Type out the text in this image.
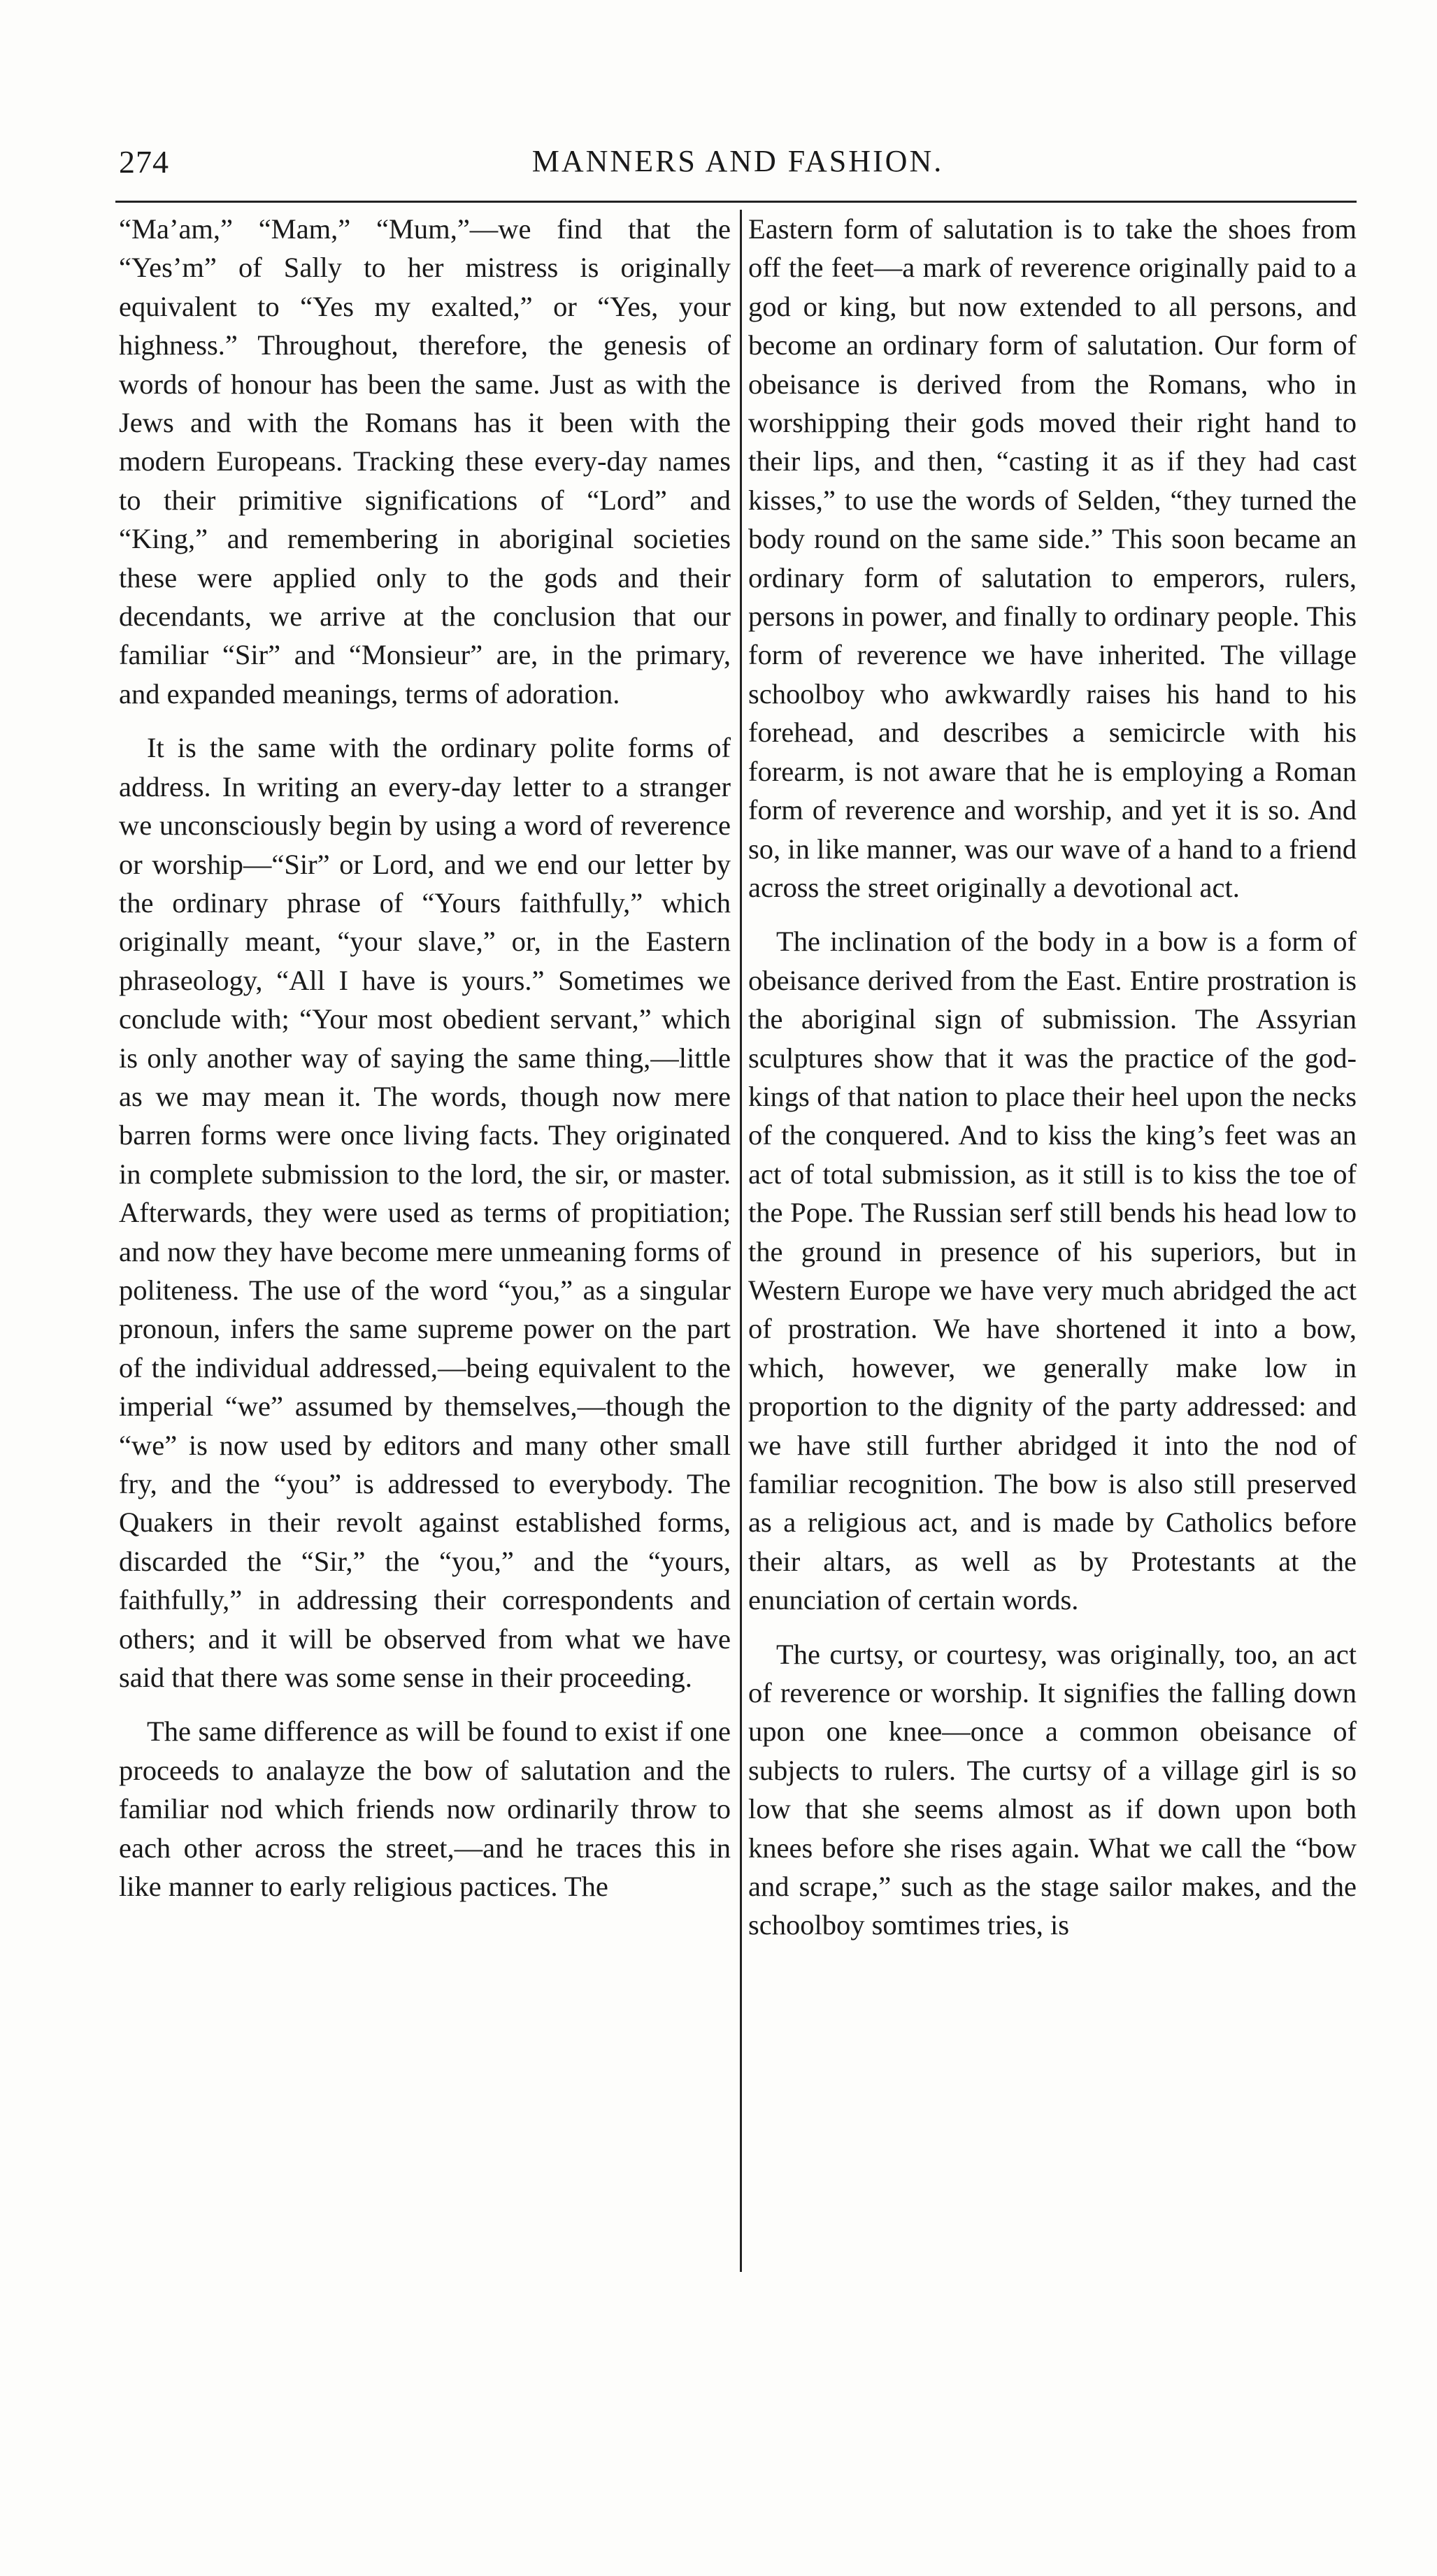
274	MANNERS AND FASHION.

“Ma’am,” “Mam,” “Mum,”—we find that the “Yes’m” of Sally to her mistress is originally equivalent to “Yes my exalted,” or “Yes, your highness.” Throughout, therefore, the genesis of words of honour has been the same. Just as with the Jews and with the Romans has it been with the modern Europeans. Tracking these every-day names to their primitive significations of “Lord” and “King,” and remembering in aboriginal societies these were applied only to the gods and their decendants, we arrive at the conclusion that our familiar “Sir” and “Monsieur” are, in the primary, and expanded meanings, terms of adoration.

It is the same with the ordinary polite forms of address. In writing an every-day letter to a stranger we unconsciously begin by using a word of reverence or worship—“Sir” or Lord, and we end our letter by the ordinary phrase of “Yours faithfully,” which originally meant, “your slave,” or, in the Eastern phraseology, “All I have is yours.” Sometimes we conclude with; “Your most obedient servant,” which is only another way of saying the same thing,—little as we may mean it. The words, though now mere barren forms were once living facts. They originated in complete submission to the lord, the sir, or master. Afterwards, they were used as terms of propitiation; and now they have become mere unmeaning forms of politeness. The use of the word “you,” as a singular pronoun, infers the same supreme power on the part of the individual addressed,—being equivalent to the imperial “we” assumed by themselves,—though the “we” is now used by editors and many other small fry, and the “you” is addressed to everybody. The Quakers in their revolt against established forms, discarded the “Sir,” the “you,” and the “yours, faithfully,” in addressing their correspondents and others; and it will be observed from what we have said that there was some sense in their proceeding.

The same difference as will be found to exist if one proceeds to analayze the bow of salutation and the familiar nod which friends now ordinarily throw to each other across the street,—and he traces this in like manner to early religious pactices. The

Eastern form of salutation is to take the shoes from off the feet—a mark of reverence originally paid to a god or king, but now extended to all persons, and become an ordinary form of salutation. Our form of obeisance is derived from the Romans, who in worshipping their gods moved their right hand to their lips, and then, “casting it as if they had cast kisses,” to use the words of Selden, “they turned the body round on the same side.” This soon became an ordinary form of salutation to emperors, rulers, persons in power, and finally to ordinary people. This form of reverence we have inherited. The village schoolboy who awkwardly raises his hand to his forehead, and describes a semicircle with his forearm, is not aware that he is employing a Roman form of reverence and worship, and yet it is so. And so, in like manner, was our wave of a hand to a friend across the street originally a devotional act.

The inclination of the body in a bow is a form of obeisance derived from the East. Entire prostration is the aboriginal sign of submission. The Assyrian sculptures show that it was the practice of the god-kings of that nation to place their heel upon the necks of the conquered. And to kiss the king’s feet was an act of total submission, as it still is to kiss the toe of the Pope. The Russian serf still bends his head low to the ground in presence of his superiors, but in Western Europe we have very much abridged the act of prostration. We have shortened it into a bow, which, however, we generally make low in proportion to the dignity of the party addressed: and we have still further abridged it into the nod of familiar recognition. The bow is also still preserved as a religious act, and is made by Catholics before their altars, as well as by Protestants at the enunciation of certain words.

The curtsy, or courtesy, was originally, too, an act of reverence or worship. It signifies the falling down upon one knee—once a common obeisance of subjects to rulers. The curtsy of a village girl is so low that she seems almost as if down upon both knees before she rises again. What we call the “bow and scrape,” such as the stage sailor makes, and the schoolboy somtimes tries, is
